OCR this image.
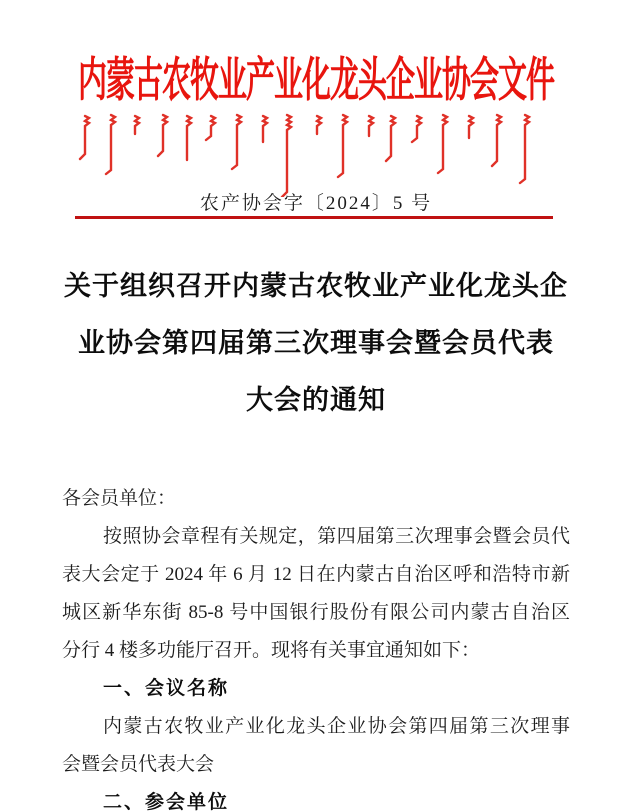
内蒙古农牧业产业化龙头企业协会文件
农产协会字〔2024〕5 号
关于组织召开内蒙古农牧业产业化龙头企
业协会第四届第三次理事会暨会员代表
大会的通知
各会员单位：
按照协会章程有关规定，第四届第三次理事会暨会员代
表大会定于 2024 年 6 月 12 日在内蒙古自治区呼和浩特市新
城区新华东街 85-8 号中国银行股份有限公司内蒙古自治区
分行 4 楼多功能厅召开。现将有关事宜通知如下：
一、会议名称
内蒙古农牧业产业化龙头企业协会第四届第三次理事
会暨会员代表大会
二、参会单位
